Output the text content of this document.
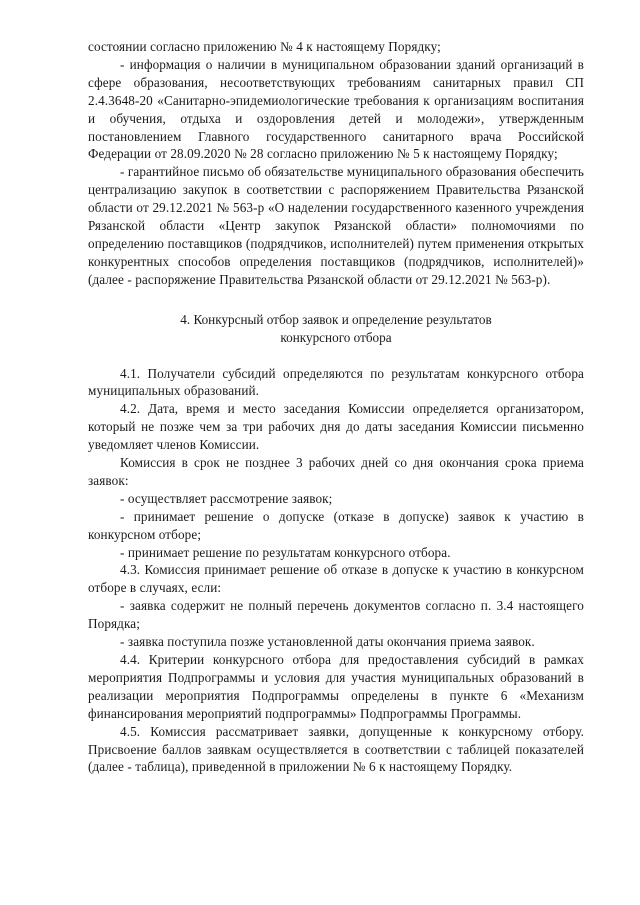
состоянии согласно приложению № 4 к настоящему Порядку;

- информация о наличии в муниципальном образовании зданий организаций в сфере образования, несоответствующих требованиям санитарных правил СП 2.4.3648-20 «Санитарно-эпидемиологические требования к организациям воспитания и обучения, отдыха и оздоровления детей и молодежи», утвержденным постановлением Главного государственного санитарного врача Российской Федерации от 28.09.2020 № 28 согласно приложению № 5 к настоящему Порядку;

- гарантийное письмо об обязательстве муниципального образования обеспечить централизацию закупок в соответствии с распоряжением Правительства Рязанской области от 29.12.2021 № 563-р «О наделении государственного казенного учреждения Рязанской области «Центр закупок Рязанской области» полномочиями по определению поставщиков (подрядчиков, исполнителей) путем применения открытых конкурентных способов определения поставщиков (подрядчиков, исполнителей)» (далее - распоряжение Правительства Рязанской области от 29.12.2021 № 563-р).

4. Конкурсный отбор заявок и определение результатов
конкурсного отбора

4.1. Получатели субсидий определяются по результатам конкурсного отбора муниципальных образований.

4.2. Дата, время и место заседания Комиссии определяется организатором, который не позже чем за три рабочих дня до даты заседания Комиссии письменно уведомляет членов Комиссии.

Комиссия в срок не позднее 3 рабочих дней со дня окончания срока приема заявок:

- осуществляет рассмотрение заявок;

- принимает решение о допуске (отказе в допуске) заявок к участию в конкурсном отборе;

- принимает решение по результатам конкурсного отбора.

4.3. Комиссия принимает решение об отказе в допуске к участию в конкурсном отборе в случаях, если:

- заявка содержит не полный перечень документов согласно п. 3.4 настоящего Порядка;

- заявка поступила позже установленной даты окончания приема заявок.

4.4. Критерии конкурсного отбора для предоставления субсидий в рамках мероприятия Подпрограммы и условия для участия муниципальных образований в реализации мероприятия Подпрограммы определены в пункте 6 «Механизм финансирования мероприятий подпрограммы» Подпрограммы Программы.

4.5. Комиссия рассматривает заявки, допущенные к конкурсному отбору. Присвоение баллов заявкам осуществляется в соответствии с таблицей показателей (далее - таблица), приведенной в приложении № 6 к настоящему Порядку.
